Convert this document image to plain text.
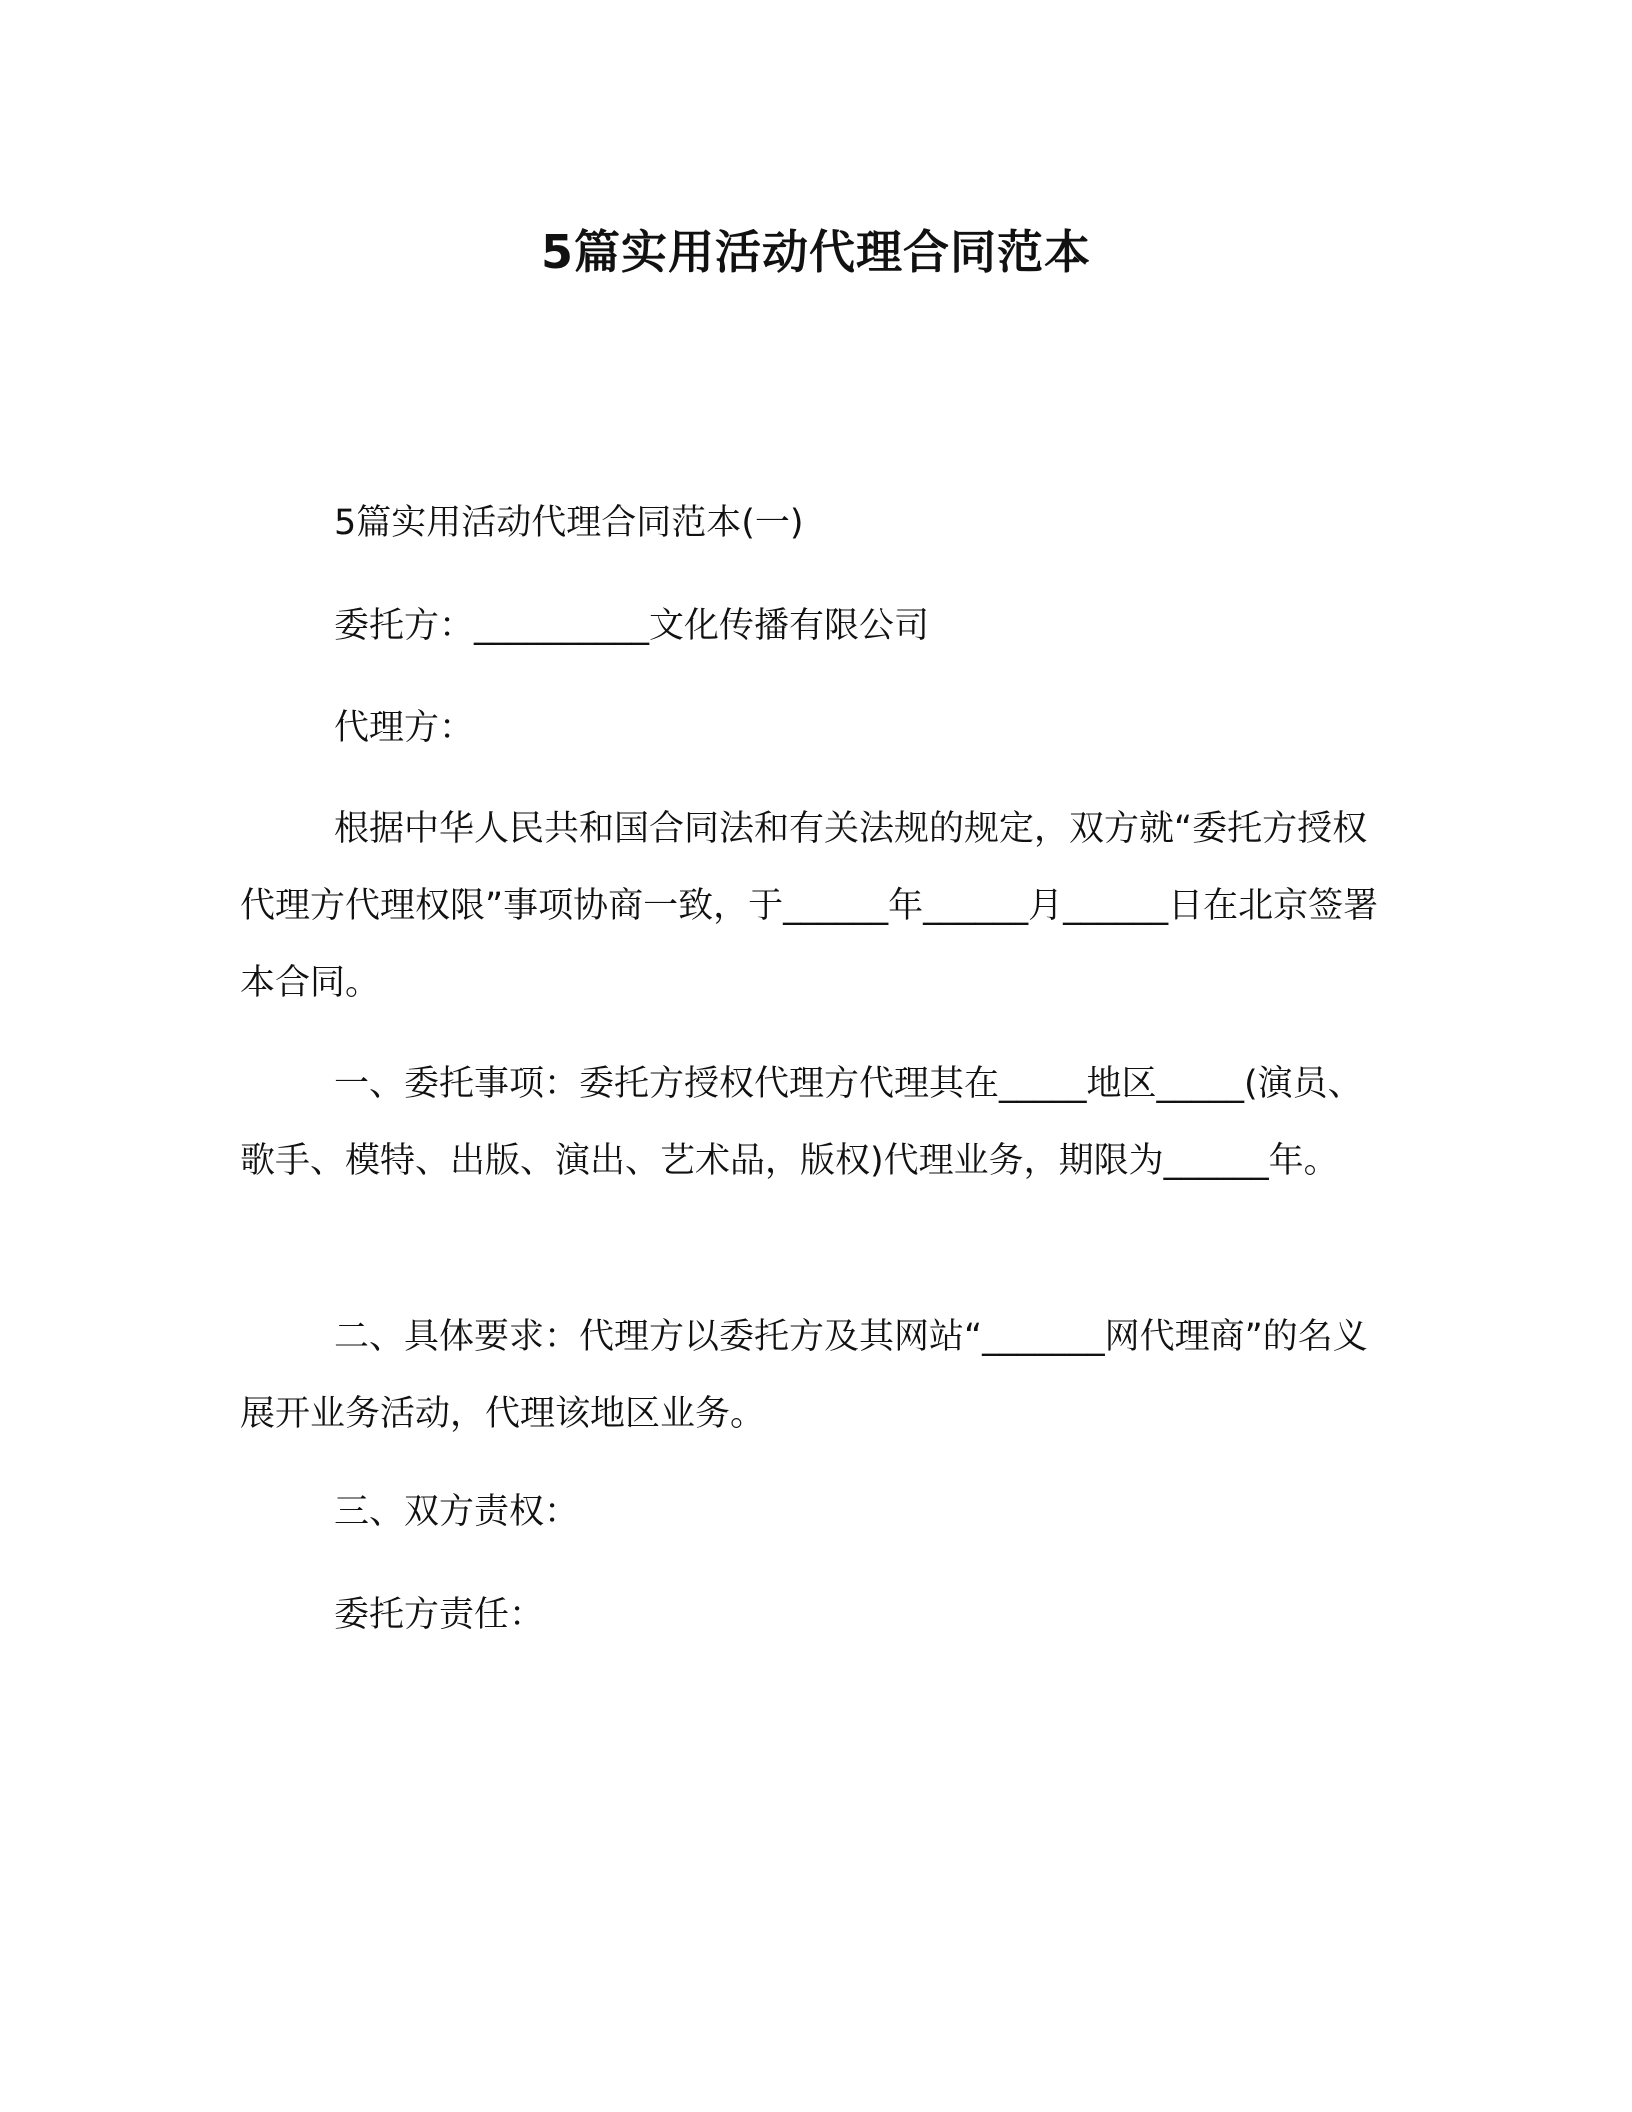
5篇实用活动代理合同范本

5篇实用活动代理合同范本(一)

委托方：__________文化传播有限公司

代理方：

根据中华人民共和国合同法和有关法规的规定，双方就“委托方授权代理方代理权限”事项协商一致，于______年______月______日在北京签署本合同。

一、委托事项：委托方授权代理方代理其在_____地区_____(演员、歌手、模特、出版、演出、艺术品，版权)代理业务，期限为______年。

二、具体要求：代理方以委托方及其网站“_______网代理商”的名义展开业务活动，代理该地区业务。

三、双方责权：

委托方责任：
